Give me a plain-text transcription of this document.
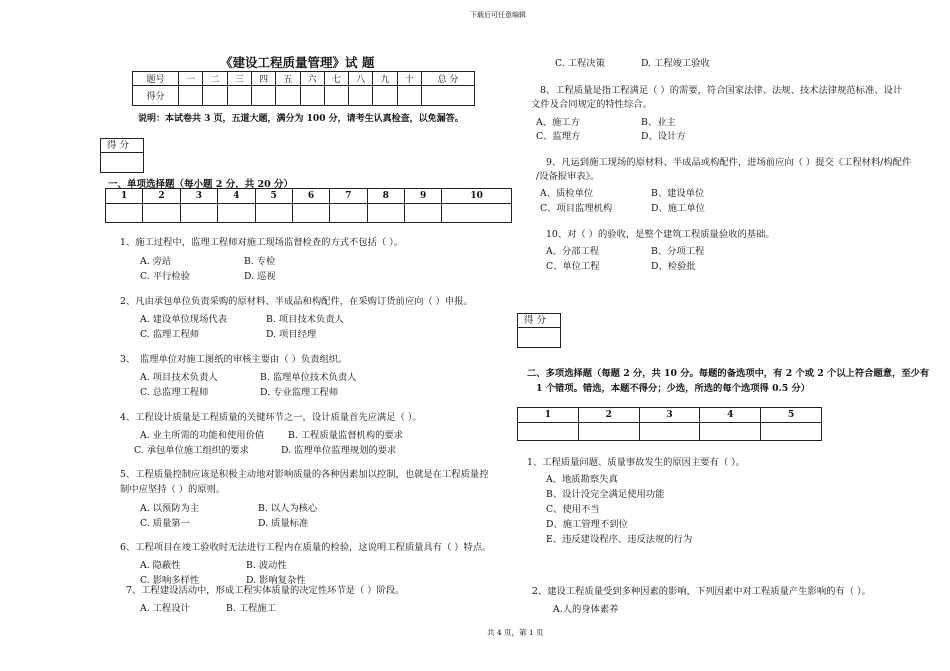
下载后可任意编辑
《建设工程质量管理》试 题
题号	一	二	三	四	五	六	七	八	九	十	总 分
得分											
说明：本试卷共 3 页，五道大题，满分为 100 分，请考生认真检查，以免漏答。
得 分
一、单项选择题（每小题 2 分，共 20 分）
1	2	3	4	5	6	7	8	9	10

1、施工过程中，监理工程师对施工现场监督检查的方式不包括（ ）。
A. 旁站	B. 专检
C. 平行检验	D. 巡视
2、凡由承包单位负责采购的原材料、半成品和构配件，在采购订货前应向（ ）申报。
A. 建设单位现场代表	B. 项目技术负责人
C. 监理工程师	D. 项目经理
3、　监理单位对施工图纸的审核主要由（ ）负责组织。
A. 项目技术负责人	B. 监理单位技术负责人
C. 总监理工程师	D. 专业监理工程师
4、工程设计质量是工程质量的关键环节之一，设计质量首先应满足（ ）。
A. 业主所需的功能和使用价值	B. 工程质量监督机构的要求
C. 承包单位施工组织的要求	D. 监理单位监理规划的要求
5、工程质量控制应该是积极主动地对影响质量的各种因素加以控制，也就是在工程质量控
制中应坚持（ ）的原则。
A. 以预防为主	B. 以人为核心
C. 质量第一	D. 质量标准
6、工程项目在竣工验收时无法进行工程内在质量的检验，这说明工程质量具有（ ）特点。
A. 隐蔽性	B. 波动性
C. 影响多样性	D. 影响复杂性
7、工程建设活动中，形成工程实体质量的决定性环节是（ ）阶段。
A. 工程设计	B. 工程施工
C. 工程决策	D. 工程竣工验收
8、工程质量是指工程满足（ ）的需要，符合国家法律、法规、技术法律规范标准、设计
文件及合同规定的特性综合。
A、施工方	B、业主
C、监理方	D、设计方
9、凡运到施工现场的原材料、半成品或构配件，进场前应向（ ）提交《工程材料/构配件
/设备报审表》。
A、质检单位	B、建设单位
C、项目监理机构	D、施工单位
10、对（ ）的验收，是整个建筑工程质量验收的基础。
A、分部工程	B、分项工程
C、单位工程	D、检验批
得 分
二、多项选择题（每题 2 分，共 10 分。每题的备选项中，有 2 个或 2 个以上符合题意，至少有
1 个错项。错选，本题不得分；少选，所选的每个选项得 0.5 分）
1	2	3	4	5

1、工程质量问题、质量事故发生的原因主要有（ ）。
A、地质勘察失真
B、设计没完全满足使用功能
C、使用不当
D、施工管理不到位
E、违反建设程序、违反法规的行为
2、建设工程质量受到多种因素的影响，下列因素中对工程质量产生影响的有（ ）。
A.人的身体素养
共 4 页，第 1 页
